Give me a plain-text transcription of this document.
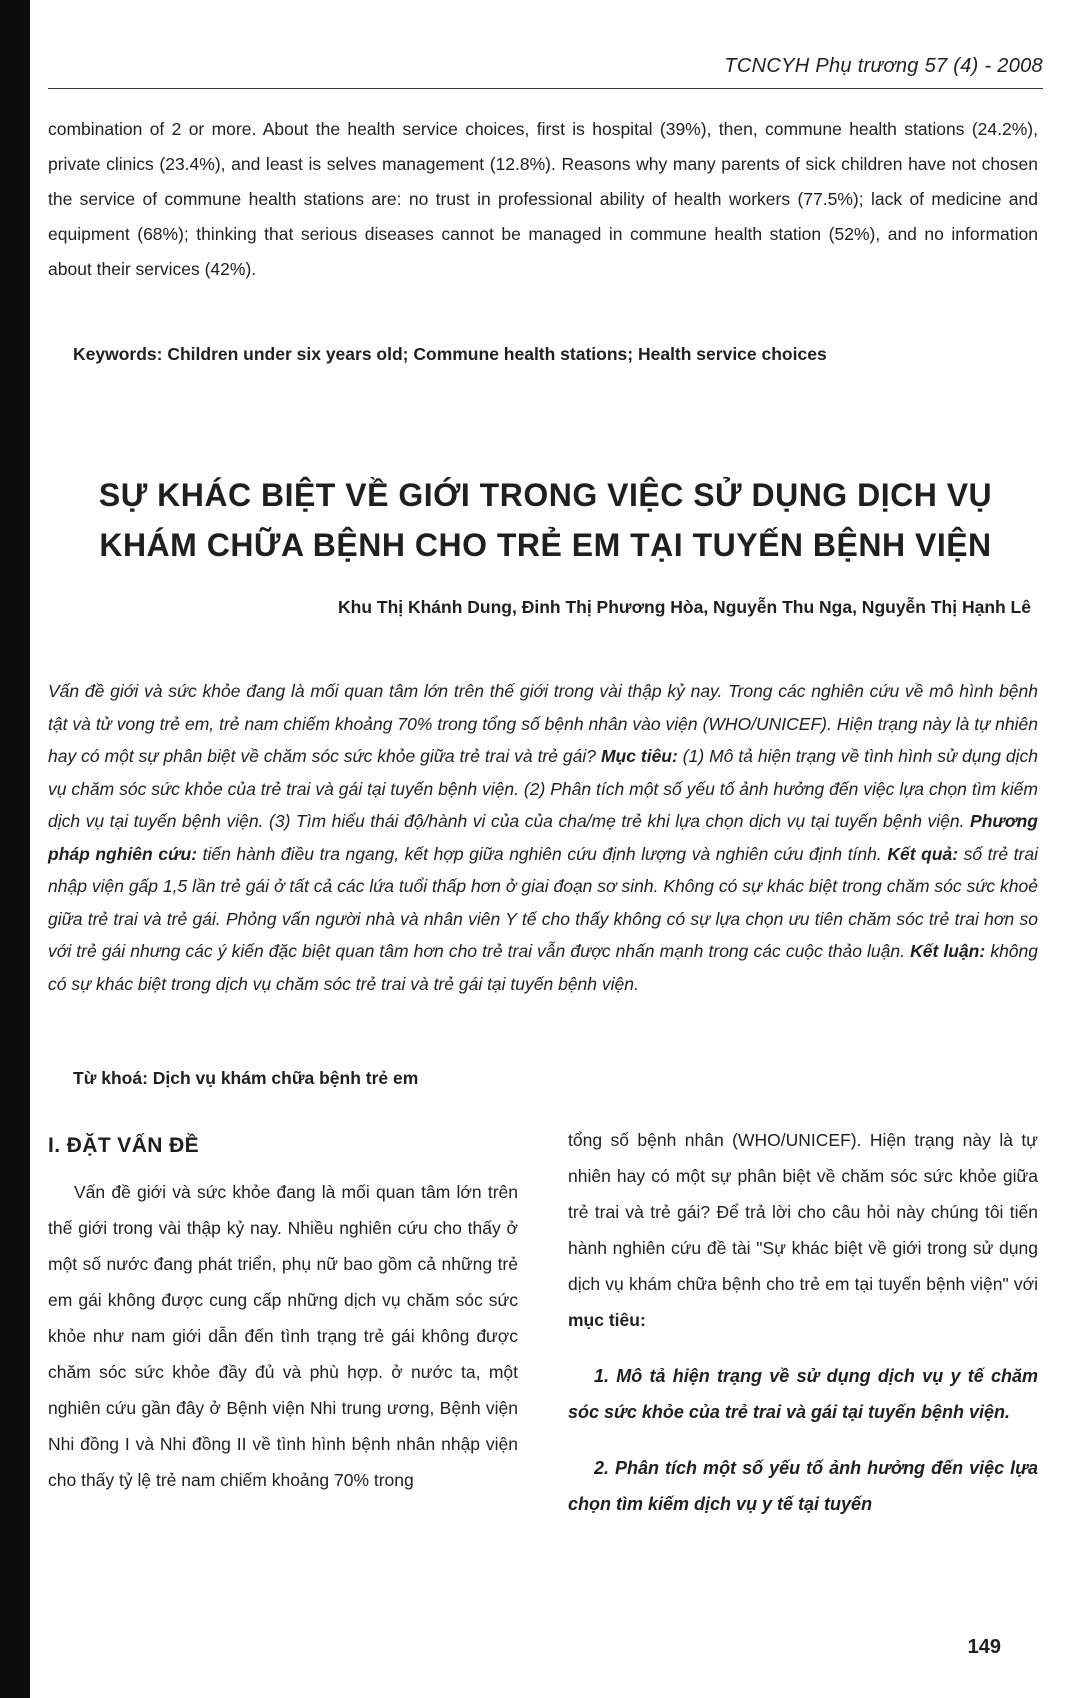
TCNCYH Phụ trương 57 (4) - 2008

combination of 2 or more. About the health service choices, first is hospital (39%), then, commune health stations (24.2%), private clinics (23.4%), and least is selves management (12.8%). Reasons why many parents of sick children have not chosen the service of commune health stations are: no trust in professional ability of health workers (77.5%); lack of medicine and equipment (68%); thinking that serious diseases cannot be managed in commune health station (52%), and no information about their services (42%).

Keywords: Children under six years old; Commune health stations; Health service choices
SỰ KHÁC BIỆT VỀ GIỚI TRONG VIỆC SỬ DỤNG DỊCH VỤ
KHÁM CHỮA BỆNH CHO TRẺ EM TẠI TUYẾN BỆNH VIỆN
Khu Thị Khánh Dung, Đinh Thị Phương Hòa, Nguyễn Thu Nga, Nguyễn Thị Hạnh Lê

Vấn đề giới và sức khỏe đang là mối quan tâm lớn trên thế giới trong vài thập kỷ nay. Trong các nghiên cứu về mô hình bệnh tật và tử vong trẻ em, trẻ nam chiếm khoảng 70% trong tổng số bệnh nhân vào viện (WHO/UNICEF). Hiện trạng này là tự nhiên hay có một sự phân biệt về chăm sóc sức khỏe giữa trẻ trai và trẻ gái? Mục tiêu: (1) Mô tả hiện trạng về tình hình sử dụng dịch vụ chăm sóc sức khỏe của trẻ trai và gái tại tuyến bệnh viện. (2) Phân tích một số yếu tố ảnh hưởng đến việc lựa chọn tìm kiếm dịch vụ tại tuyến bệnh viện. (3) Tìm hiểu thái độ/hành vi của của cha/mẹ trẻ khi lựa chọn dịch vụ tại tuyến bệnh viện. Phương pháp nghiên cứu: tiến hành điều tra ngang, kết hợp giữa nghiên cứu định lượng và nghiên cứu định tính. Kết quả: số trẻ trai nhập viện gấp 1,5 lần trẻ gái ở tất cả các lứa tuổi thấp hơn ở giai đoạn sơ sinh. Không có sự khác biệt trong chăm sóc sức khoẻ giữa trẻ trai và trẻ gái. Phỏng vấn người nhà và nhân viên Y tế cho thấy không có sự lựa chọn ưu tiên chăm sóc trẻ trai hơn so với trẻ gái nhưng các ý kiến đặc biệt quan tâm hơn cho trẻ trai vẫn được nhấn mạnh trong các cuộc thảo luận. Kết luận: không có sự khác biệt trong dịch vụ chăm sóc trẻ trai và trẻ gái tại tuyến bệnh viện.

Từ khoá: Dịch vụ khám chữa bệnh trẻ em
I. ĐẶT VẤN ĐỀ

Vấn đề giới và sức khỏe đang là mối quan tâm lớn trên thế giới trong vài thập kỷ nay. Nhiều nghiên cứu cho thấy ở một số nước đang phát triển, phụ nữ bao gồm cả những trẻ em gái không được cung cấp những dịch vụ chăm sóc sức khỏe như nam giới dẫn đến tình trạng trẻ gái không được chăm sóc sức khỏe đầy đủ và phù hợp. ở nước ta, một nghiên cứu gần đây ở Bệnh viện Nhi trung ương, Bệnh viện Nhi đồng I và Nhi đồng II về tình hình bệnh nhân nhập viện cho thấy tỷ lệ trẻ nam chiếm khoảng 70% trong

tổng số bệnh nhân (WHO/UNICEF). Hiện trạng này là tự nhiên hay có một sự phân biệt về chăm sóc sức khỏe giữa trẻ trai và trẻ gái? Để trả lời cho câu hỏi này chúng tôi tiến hành nghiên cứu đề tài "Sự khác biệt về giới trong sử dụng dịch vụ khám chữa bệnh cho trẻ em tại tuyến bệnh viện" với mục tiêu:

1. Mô tả hiện trạng về sử dụng dịch vụ y tế chăm sóc sức khỏe của trẻ trai và gái tại tuyến bệnh viện.

2. Phân tích một số yếu tố ảnh hưởng đến việc lựa chọn tìm kiếm dịch vụ y tế tại tuyến

149
